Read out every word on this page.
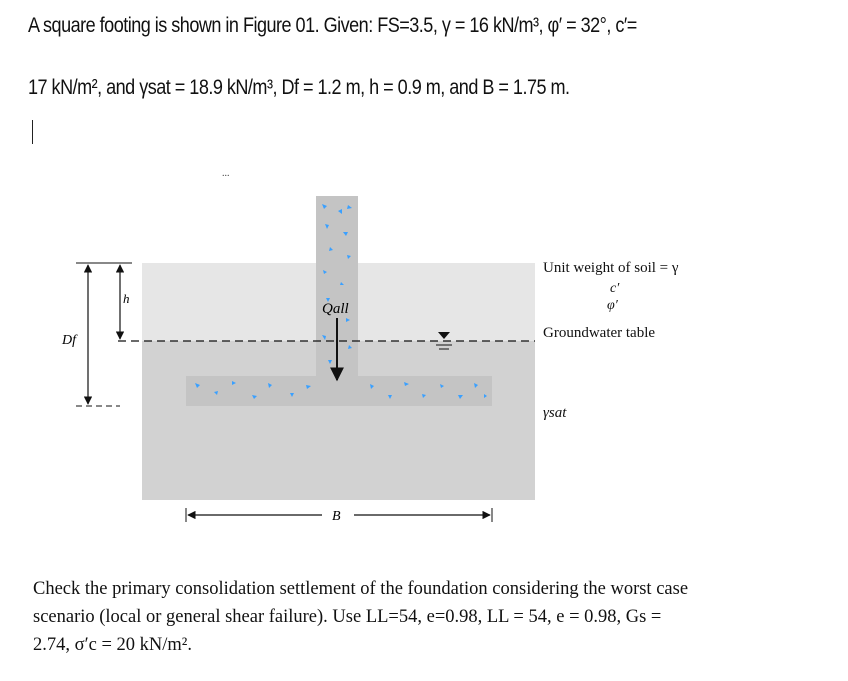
A square footing is shown in Figure 01. Given: FS=3.5, γ = 16 kN/m³, φ′ = 32°, c′=
17 kN/m², and γsat = 18.9 kN/m³, Df = 1.2 m, h = 0.9 m, and B = 1.75 m.
...
Qall
h
Df
B
Unit weight of soil = γ
c′
φ′
Groundwater table
γsat

Check the primary consolidation settlement of the foundation considering the worst case

scenario (local or general shear failure). Use LL=54, e=0.98, LL = 54, e = 0.98, Gs =

2.74, σ′c = 20 kN/m².
